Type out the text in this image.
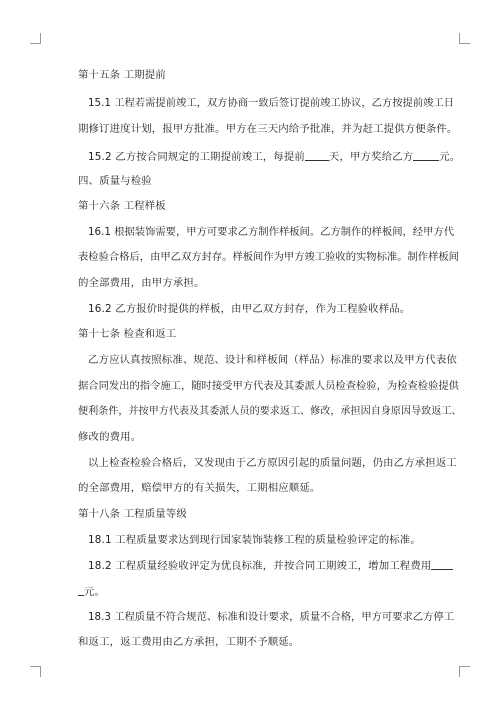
第十五条 工期提前
15.1 工程若需提前竣工，双方协商一致后签订提前竣工协议，乙方按提前竣工日
期修订进度计划，报甲方批准。甲方在三天内给予批准，并为赶工提供方便条件。
15.2 乙方按合同规定的工期提前竣工，每提前 天，甲方奖给乙方	元。
四、质量与检验
第十六条 工程样板
16.1 根据装饰需要，甲方可要求乙方制作样板间。乙方制作的样板间，经甲方代
表检验合格后，由甲乙双方封存。样板间作为甲方竣工验收的实物标准。制作样板间
的全部费用，由甲方承担。
16.2 乙方报价时提供的样板，由甲乙双方封存，作为工程验收样品。
第十七条 检查和返工
乙方应认真按照标准、规范、设计和样板间（样品）标准的要求以及甲方代表依
据合同发出的指令施工，随时接受甲方代表及其委派人员检查检验，为检查检验提供
便利条件，并按甲方代表及其委派人员的要求返工、修改，承担因自身原因导致返工、
修改的费用。
以上检查检验合格后，又发现由于乙方原因引起的质量问题，仍由乙方承担返工
的全部费用，赔偿甲方的有关损失，工期相应顺延。
第十八条 工程质量等级
18.1 工程质量要求达到现行国家装饰装修工程的质量检验评定的标准。
18.2 工程质量经验收评定为优良标准，并按合同工期竣工，增加工程费用
元。
18.3 工程质量不符合规范、标准和设计要求，质量不合格，甲方可要求乙方停工
和返工，返工费用由乙方承担，工期不予顺延。
